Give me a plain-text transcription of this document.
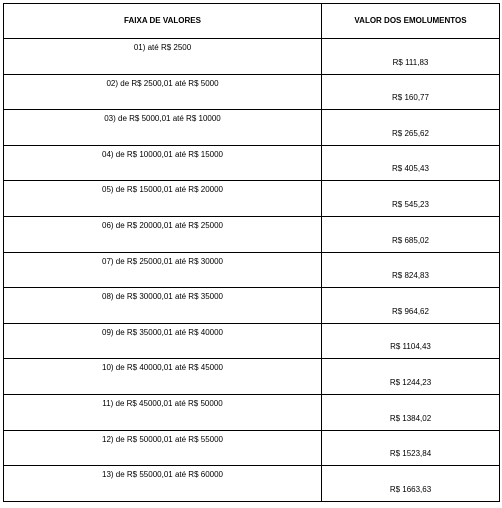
FAIXA DE VALORES	VALOR DOS EMOLUMENTOS
01) até R$ 2500	R$ 111,83
02) de R$ 2500,01 até R$ 5000	R$ 160,77
03) de R$ 5000,01 até R$ 10000	R$ 265,62
04) de R$ 10000,01 até R$ 15000	R$ 405,43
05) de R$ 15000,01 até R$ 20000	R$ 545,23
06) de R$ 20000,01 até R$ 25000	R$ 685,02
07) de R$ 25000,01 até R$ 30000	R$ 824,83
08) de R$ 30000,01 até R$ 35000	R$ 964,62
09) de R$ 35000,01 até R$ 40000	R$ 1104,43
10) de R$ 40000,01 até R$ 45000	R$ 1244,23
11) de R$ 45000,01 até R$ 50000	R$ 1384,02
12) de R$ 50000,01 até R$ 55000	R$ 1523,84
13) de R$ 55000,01 até R$ 60000	R$ 1663,63
